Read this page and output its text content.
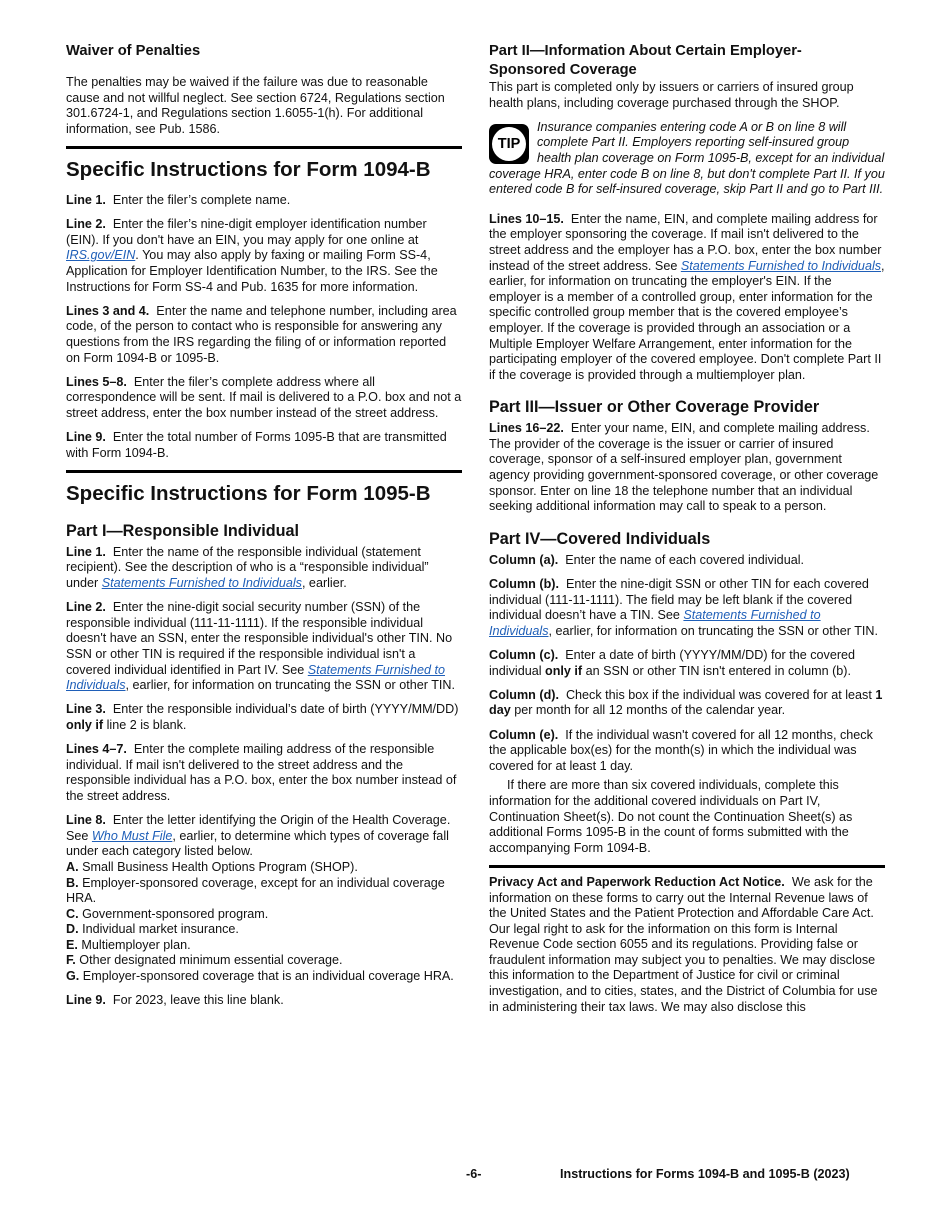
Waiver of Penalties

The penalties may be waived if the failure was due to reasonable cause and not willful neglect. See section 6724, Regulations section 301.6724-1, and Regulations section 1.6055-1(h). For additional information, see Pub. 1586.

Specific Instructions for Form 1094-B

Line 1. Enter the filer’s complete name.

Line 2. Enter the filer’s nine-digit employer identification number (EIN). If you don't have an EIN, you may apply for one online at IRS.gov/EIN. You may also apply by faxing or mailing Form SS-4, Application for Employer Identification Number, to the IRS. See the Instructions for Form SS-4 and Pub. 1635 for more information.

Lines 3 and 4. Enter the name and telephone number, including area code, of the person to contact who is responsible for answering any questions from the IRS regarding the filing of or information reported on Form 1094-B or 1095-B.

Lines 5–8. Enter the filer’s complete address where all correspondence will be sent. If mail is delivered to a P.O. box and not a street address, enter the box number instead of the street address.

Line 9. Enter the total number of Forms 1095-B that are transmitted with Form 1094-B.

Specific Instructions for Form 1095-B
Part I—Responsible Individual

Line 1. Enter the name of the responsible individual (statement recipient). See the description of who is a “responsible individual” under Statements Furnished to Individuals, earlier.

Line 2. Enter the nine-digit social security number (SSN) of the responsible individual (111-11-1111). If the responsible individual doesn't have an SSN, enter the responsible individual's other TIN. No SSN or other TIN is required if the responsible individual isn't a covered individual identified in Part IV. See Statements Furnished to Individuals, earlier, for information on truncating the SSN or other TIN.

Line 3. Enter the responsible individual’s date of birth (YYYY/MM/DD) only if line 2 is blank.

Lines 4–7. Enter the complete mailing address of the responsible individual. If mail isn't delivered to the street address and the responsible individual has a P.O. box, enter the box number instead of the street address.

Line 8. Enter the letter identifying the Origin of the Health Coverage. See Who Must File, earlier, to determine which types of coverage fall under each category listed below.

A. Small Business Health Options Program (SHOP).
B. Employer-sponsored coverage, except for an individual coverage HRA.
C. Government-sponsored program.
D. Individual market insurance.
E. Multiemployer plan.
F. Other designated minimum essential coverage.
G. Employer-sponsored coverage that is an individual coverage HRA.

Line 9. For 2023, leave this line blank.

Part II—Information About Certain Employer-Sponsored Coverage

This part is completed only by issuers or carriers of insured group health plans, including coverage purchased through the SHOP.

TIP
Insurance companies entering code A or B on line 8 will complete Part II. Employers reporting self-insured group health plan coverage on Form 1095-B, except for an individual coverage HRA, enter code B on line 8, but don't complete Part II. If you entered code B for self-insured coverage, skip Part II and go to Part III.

Lines 10–15. Enter the name, EIN, and complete mailing address for the employer sponsoring the coverage. If mail isn't delivered to the street address and the employer has a P.O. box, enter the box number instead of the street address. See Statements Furnished to Individuals, earlier, for information on truncating the employer's EIN. If the employer is a member of a controlled group, enter information for the specific controlled group member that is the covered employee’s employer. If the coverage is provided through an association or a Multiple Employer Welfare Arrangement, enter information for the participating employer of the covered employee. Don't complete Part II if the coverage is provided through a multiemployer plan.

Part III—Issuer or Other Coverage Provider

Lines 16–22. Enter your name, EIN, and complete mailing address. The provider of the coverage is the issuer or carrier of insured coverage, sponsor of a self-insured employer plan, government agency providing government-sponsored coverage, or other coverage sponsor. Enter on line 18 the telephone number that an individual seeking additional information may call to speak to a person.

Part IV—Covered Individuals

Column (a). Enter the name of each covered individual.

Column (b). Enter the nine-digit SSN or other TIN for each covered individual (111-11-1111). The field may be left blank if the covered individual doesn’t have a TIN. See Statements Furnished to Individuals, earlier, for information on truncating the SSN or other TIN.

Column (c). Enter a date of birth (YYYY/MM/DD) for the covered individual only if an SSN or other TIN isn't entered in column (b).

Column (d). Check this box if the individual was covered for at least 1 day per month for all 12 months of the calendar year.

Column (e). If the individual wasn't covered for all 12 months, check the applicable box(es) for the month(s) in which the individual was covered for at least 1 day.

If there are more than six covered individuals, complete this information for the additional covered individuals on Part IV, Continuation Sheet(s). Do not count the Continuation Sheet(s) as additional Forms 1095-B in the count of forms submitted with the accompanying Form 1094-B.

Privacy Act and Paperwork Reduction Act Notice. We ask for the information on these forms to carry out the Internal Revenue laws of the United States and the Patient Protection and Affordable Care Act. Our legal right to ask for the information on this form is Internal Revenue Code section 6055 and its regulations. Providing false or fraudulent information may subject you to penalties. We may disclose this information to the Department of Justice for civil or criminal investigation, and to cities, states, and the District of Columbia for use in administering their tax laws. We may also disclose this

-6-	Instructions for Forms 1094-B and 1095-B (2023)
